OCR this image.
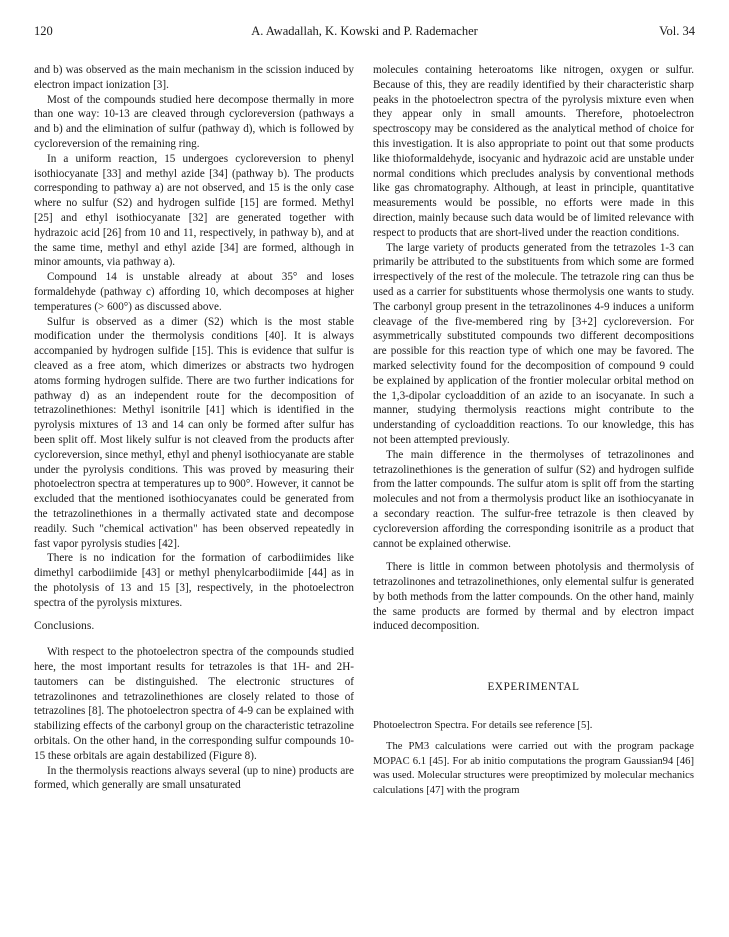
120	A. Awadallah, K. Kowski and P. Rademacher	Vol. 34

and b) was observed as the main mechanism in the scission induced by electron impact ionization [3].

Most of the compounds studied here decompose thermally in more than one way: 10-13 are cleaved through cycloreversion (pathways a and b) and the elimination of sulfur (pathway d), which is followed by cycloreversion of the remaining ring.

In a uniform reaction, 15 undergoes cycloreversion to phenyl isothiocyanate [33] and methyl azide [34] (pathway b). The products corresponding to pathway a) are not observed, and 15 is the only case where no sulfur (S2) and hydrogen sulfide [15] are formed. Methyl [25] and ethyl isothiocyanate [32] are generated together with hydrazoic acid [26] from 10 and 11, respectively, in pathway b), and at the same time, methyl and ethyl azide [34] are formed, although in minor amounts, via pathway a).

Compound 14 is unstable already at about 35° and loses formaldehyde (pathway c) affording 10, which decomposes at higher temperatures (> 600°) as discussed above.

Sulfur is observed as a dimer (S2) which is the most stable modification under the thermolysis conditions [40]. It is always accompanied by hydrogen sulfide [15]. This is evidence that sulfur is cleaved as a free atom, which dimerizes or abstracts two hydrogen atoms forming hydrogen sulfide. There are two further indications for pathway d) as an independent route for the decomposition of tetrazolinethiones: Methyl isonitrile [41] which is identified in the pyrolysis mixtures of 13 and 14 can only be formed after sulfur has been split off. Most likely sulfur is not cleaved from the products after cycloreversion, since methyl, ethyl and phenyl isothiocyanate are stable under the pyrolysis conditions. This was proved by measuring their photoelectron spectra at temperatures up to 900°. However, it cannot be excluded that the mentioned isothiocyanates could be generated from the tetrazolinethiones in a thermally activated state and decompose readily. Such "chemical activation" has been observed repeatedly in fast vapor pyrolysis studies [42].

There is no indication for the formation of carbodiimides like dimethyl carbodiimide [43] or methyl phenylcarbodiimide [44] as in the photolysis of 13 and 15 [3], respectively, in the photoelectron spectra of the pyrolysis mixtures.

Conclusions.

With respect to the photoelectron spectra of the compounds studied here, the most important results for tetrazoles is that 1H- and 2H-tautomers can be distinguished. The electronic structures of tetrazolinones and tetrazolinethiones are closely related to those of tetrazolines [8]. The photoelectron spectra of 4-9 can be explained with stabilizing effects of the carbonyl group on the characteristic tetrazoline orbitals. On the other hand, in the corresponding sulfur compounds 10-15 these orbitals are again destabilized (Figure 8).

In the thermolysis reactions always several (up to nine) products are formed, which generally are small unsaturated

molecules containing heteroatoms like nitrogen, oxygen or sulfur. Because of this, they are readily identified by their characteristic sharp peaks in the photoelectron spectra of the pyrolysis mixture even when they appear only in small amounts. Therefore, photoelectron spectroscopy may be considered as the analytical method of choice for this investigation. It is also appropriate to point out that some products like thioformaldehyde, isocyanic and hydrazoic acid are unstable under normal conditions which precludes analysis by conventional methods like gas chromatography. Although, at least in principle, quantitative measurements would be possible, no efforts were made in this direction, mainly because such data would be of limited relevance with respect to products that are short-lived under the reaction conditions.

The large variety of products generated from the tetrazoles 1-3 can primarily be attributed to the substituents from which some are formed irrespectively of the rest of the molecule. The tetrazole ring can thus be used as a carrier for substituents whose thermolysis one wants to study. The carbonyl group present in the tetrazolinones 4-9 induces a uniform cleavage of the five-membered ring by [3+2] cycloreversion. For asymmetrically substituted compounds two different decompositions are possible for this reaction type of which one may be favored. The marked selectivity found for the decomposition of compound 9 could be explained by application of the frontier molecular orbital method on the 1,3-dipolar cycloaddition of an azide to an isocyanate. In such a manner, studying thermolysis reactions might contribute to the understanding of cycloaddition reactions. To our knowledge, this has not been attempted previously.

The main difference in the thermolyses of tetrazolinones and tetrazolinethiones is the generation of sulfur (S2) and hydrogen sulfide from the latter compounds. The sulfur atom is split off from the starting molecules and not from a thermolysis product like an isothiocyanate in a secondary reaction. The sulfur-free tetrazole is then cleaved by cycloreversion affording the corresponding isonitrile as a product that cannot be explained otherwise.

There is little in common between photolysis and thermolysis of tetrazolinones and tetrazolinethiones, only elemental sulfur is generated by both methods from the latter compounds. On the other hand, mainly the same products are formed by thermal and by electron impact induced decomposition.

EXPERIMENTAL

Photoelectron Spectra. For details see reference [5].

The PM3 calculations were carried out with the program package MOPAC 6.1 [45]. For ab initio computations the program Gaussian94 [46] was used. Molecular structures were preoptimized by molecular mechanics calculations [47] with the program
